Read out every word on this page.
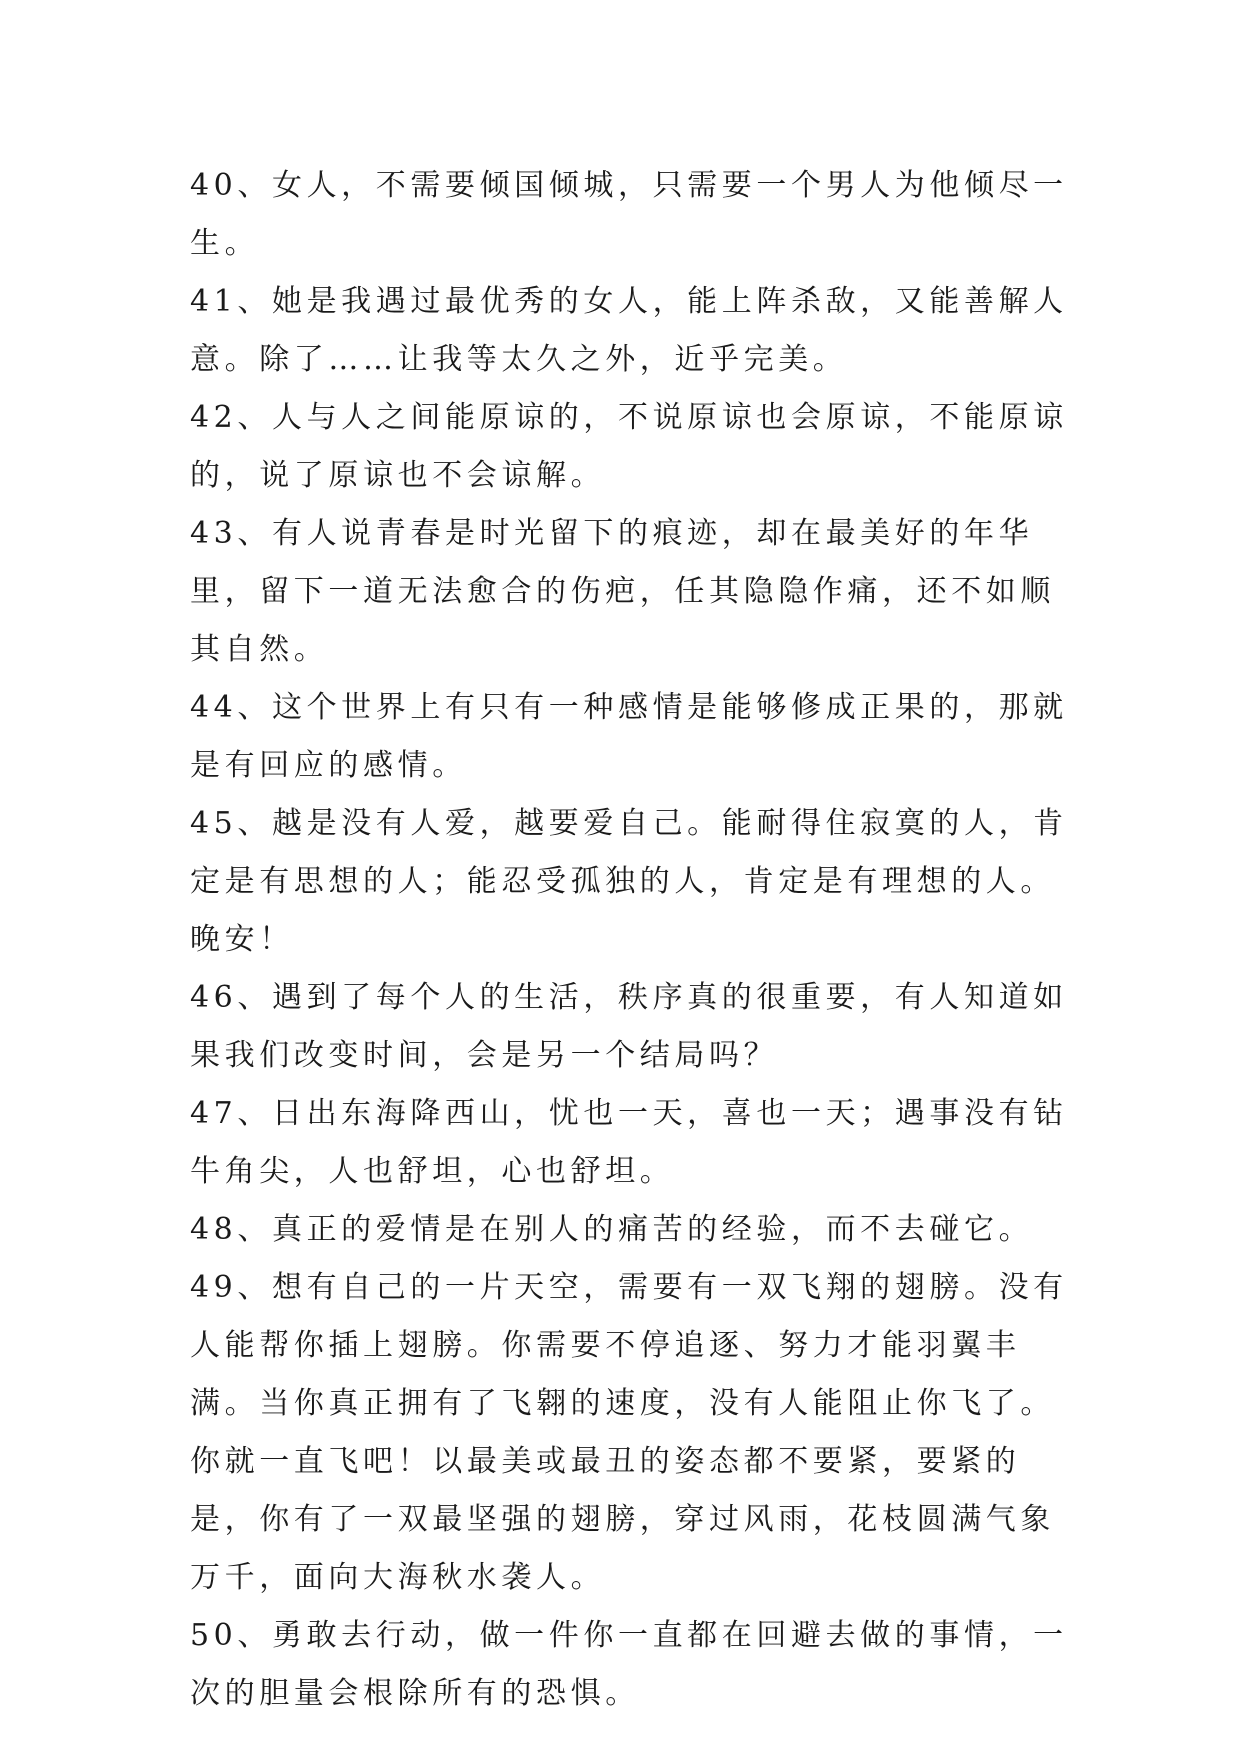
40、女人，不需要倾国倾城，只需要一个男人为他倾尽一生。

41、她是我遇过最优秀的女人，能上阵杀敌，又能善解人意。除了……让我等太久之外，近乎完美。

42、人与人之间能原谅的，不说原谅也会原谅，不能原谅的，说了原谅也不会谅解。

43、有人说青春是时光留下的痕迹，却在最美好的年华里，留下一道无法愈合的伤疤，任其隐隐作痛，还不如顺其自然。

44、这个世界上有只有一种感情是能够修成正果的，那就是有回应的感情。

45、越是没有人爱，越要爱自己。能耐得住寂寞的人，肯定是有思想的人；能忍受孤独的人，肯定是有理想的人。晚安！

46、遇到了每个人的生活，秩序真的很重要，有人知道如果我们改变时间，会是另一个结局吗？

47、日出东海降西山，忧也一天，喜也一天；遇事没有钻牛角尖，人也舒坦，心也舒坦。

48、真正的爱情是在别人的痛苦的经验，而不去碰它。

49、想有自己的一片天空，需要有一双飞翔的翅膀。没有人能帮你插上翅膀。你需要不停追逐、努力才能羽翼丰满。当你真正拥有了飞翱的速度，没有人能阻止你飞了。你就一直飞吧！以最美或最丑的姿态都不要紧，要紧的是，你有了一双最坚强的翅膀，穿过风雨，花枝圆满气象万千，面向大海秋水袭人。

50、勇敢去行动，做一件你一直都在回避去做的事情，一次的胆量会根除所有的恐惧。
